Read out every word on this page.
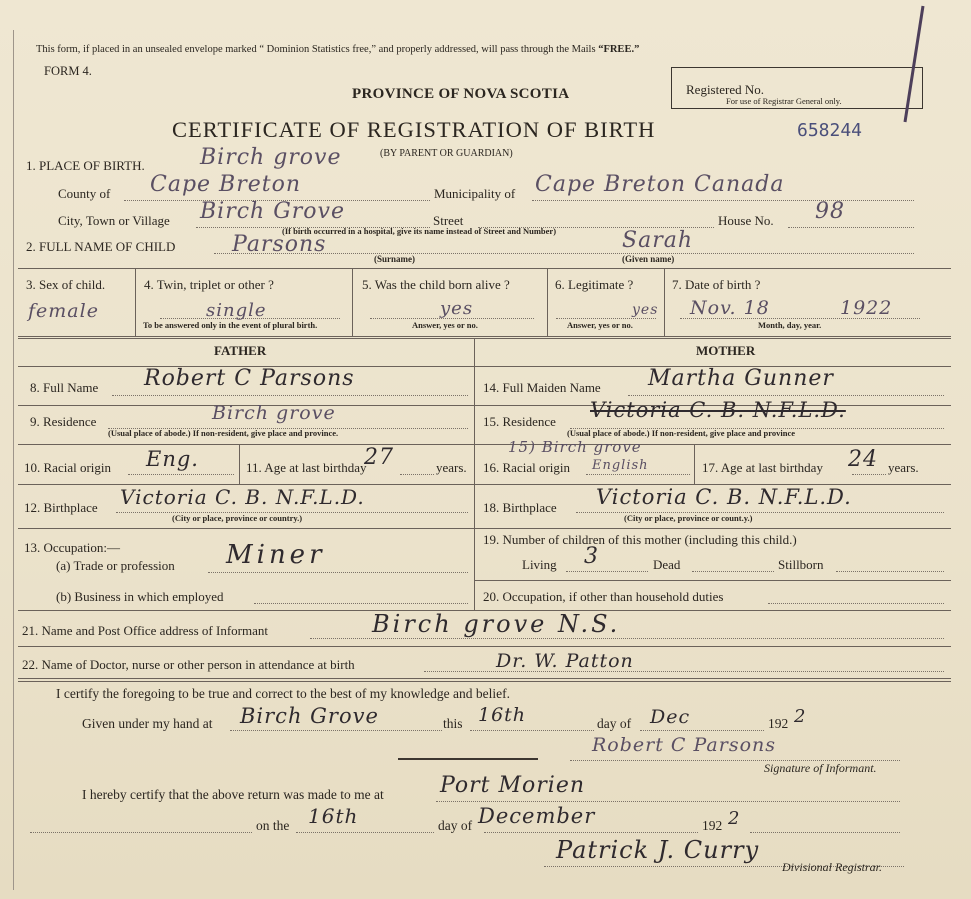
This form, if placed in an unsealed envelope marked “ Dominion Statistics free,” and properly addressed, will pass through the Mails “FREE.”
FORM 4.
PROVINCE OF NOVA SCOTIA	Registered No.
For use of Registrar General only.
CERTIFICATE OF REGISTRATION OF BIRTH	658244
(BY PARENT OR GUARDIAN)
1. PLACE OF BIRTH.	Birch grove
County of Cape Breton	Municipality of Cape Breton Canada
City, Town or Village Birch Grove	Street	House No. 98
(If birth occurred in a hospital, give its name instead of Street and Number)
2. FULL NAME OF CHILD	Parsons	Sarah
(Surname)	(Given name)
3. Sex of child.
female
4. Twin, triplet or other ?
single
To be answered only in the event of plural birth.
5. Was the child born alive ?
yes
Answer, yes or no.
6. Legitimate ?
yes
Answer, yes or no.
7. Date of birth ?
Nov. 18	1922
Month, day, year.
FATHER	MOTHER
8. Full Name Robert C Parsons
9. Residence	Birch grove
(Usual place of abode.) If non-resident, give place and province.
10. Racial origin Eng.	11. Age at last birthday
27	years.
12. Birthplace Victoria C. B. N.F.L.D.
(City or place, province or country.)
13. Occupation:—
(a) Trade or profession Miner
(b) Business in which employed
14. Full Maiden Name Martha Gunner
15. Residence Victoria C. B. N.F.L.D.
(Usual place of abode.) If non-resident, give place and province
15) Birch grove
16. Racial origin English	17. Age at last birthday 24 years.
18. Birthplace Victoria C. B. N.F.L.D.
(City or place, province or count.y.)
19. Number of children of this mother (including this child.)
Living 3	Dead	Stillborn
20. Occupation, if other than household duties
21. Name and Post Office address of Informant	Birch grove N.S.
22. Name of Doctor, nurse or other person in attendance at birth	Dr. W. Patton
I certify the foregoing to be true and correct to the best of my knowledge and belief.
Given under my hand at Birch Grove	this 16th	day of Dec	192 2
Robert C Parsons
Signature of Informant.
I hereby certify that the above return was made to me at	Port Morien
on the 16th	day of December	192 2
Patrick J. Curry
Divisional Registrar.
